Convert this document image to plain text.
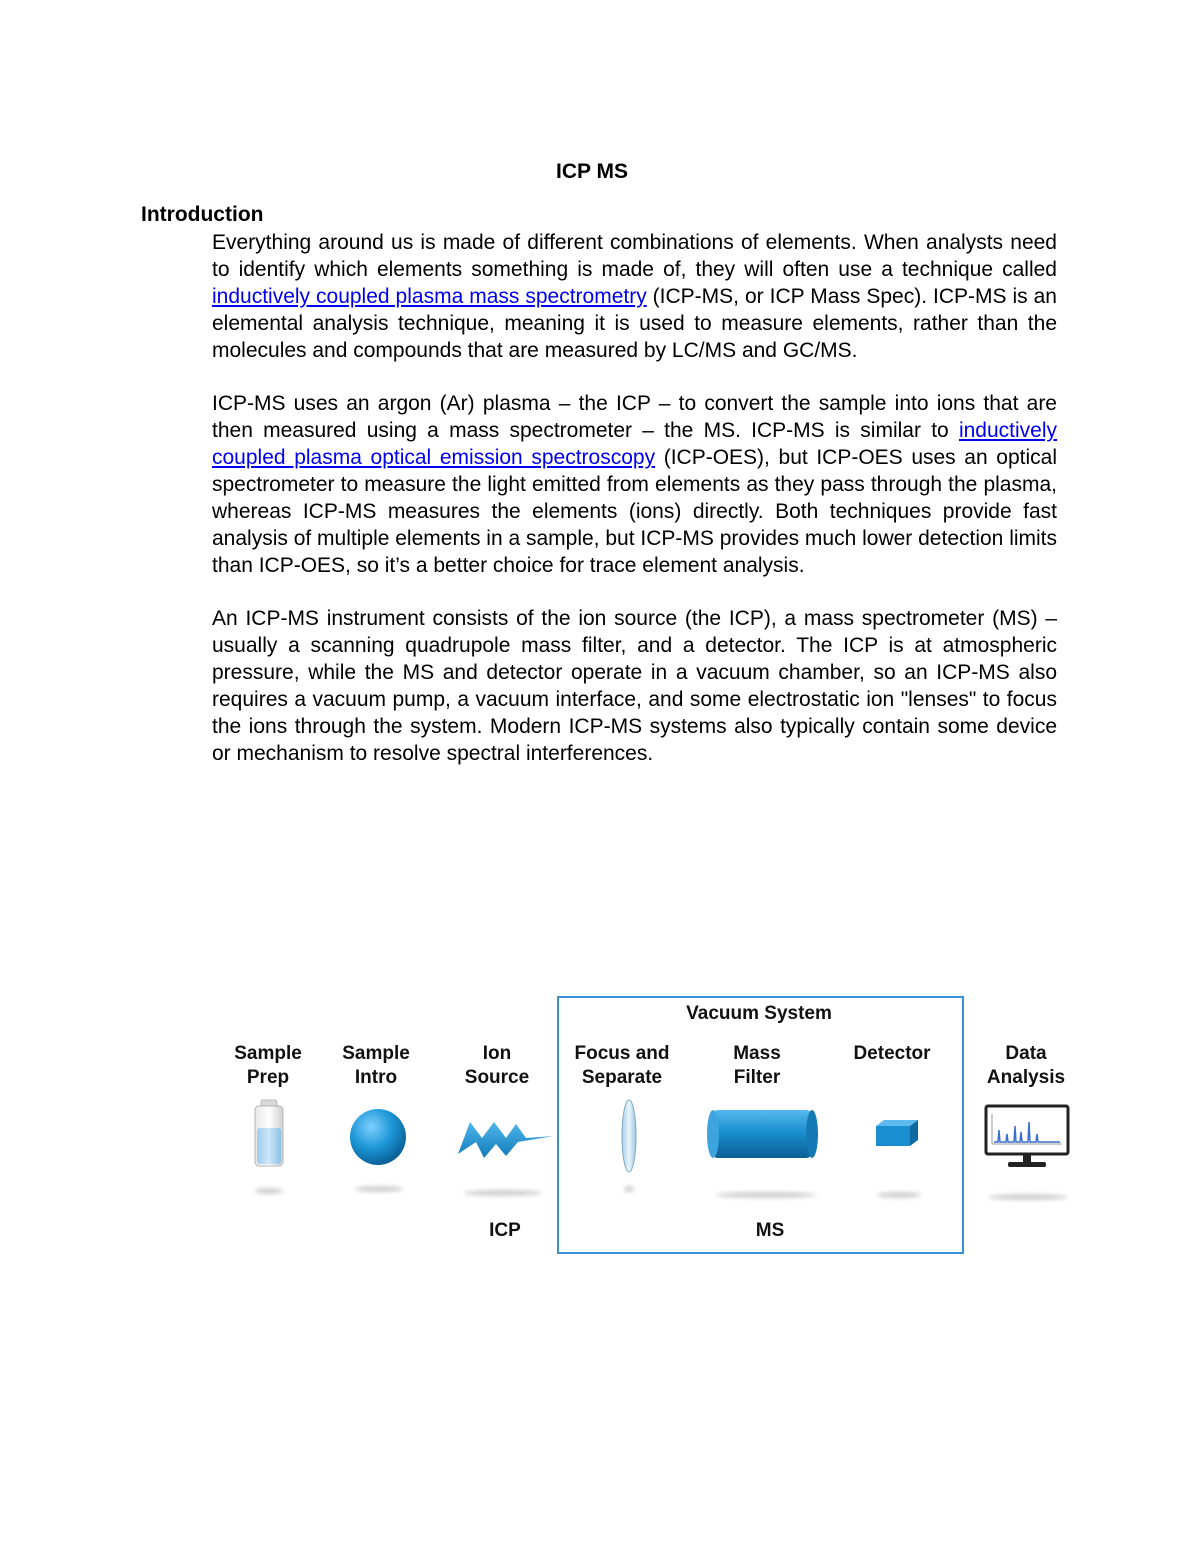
ICP MS
Introduction

Everything around us is made of different combinations of elements. When analysts need to identify which elements something is made of, they will often use a technique called inductively coupled plasma mass spectrometry (ICP-MS, or ICP Mass Spec). ICP-MS is an elemental analysis technique, meaning it is used to measure elements, rather than the molecules and compounds that are measured by LC/MS and GC/MS.

ICP-MS uses an argon (Ar) plasma – the ICP – to convert the sample into ions that are then measured using a mass spectrometer – the MS. ICP-MS is similar to inductively coupled plasma optical emission spectroscopy (ICP-OES), but ICP-OES uses an optical spectrometer to measure the light emitted from elements as they pass through the plasma, whereas ICP-MS measures the elements (ions) directly. Both techniques provide fast analysis of multiple elements in a sample, but ICP-MS provides much lower detection limits than ICP-OES, so it’s a better choice for trace element analysis.

An ICP-MS instrument consists of the ion source (the ICP), a mass spectrometer (MS) – usually a scanning quadrupole mass filter, and a detector. The ICP is at atmospheric pressure, while the MS and detector operate in a vacuum chamber, so an ICP-MS also requires a vacuum pump, a vacuum interface, and some electrostatic ion "lenses" to focus the ions through the system. Modern ICP-MS systems also typically contain some device or mechanism to resolve spectral interferences.

Vacuum System
Sample
Prep
Sample
Intro
Ion
Source
Focus and
Separate
Mass
Filter
Detector	Data
Analysis
ICP	MS
